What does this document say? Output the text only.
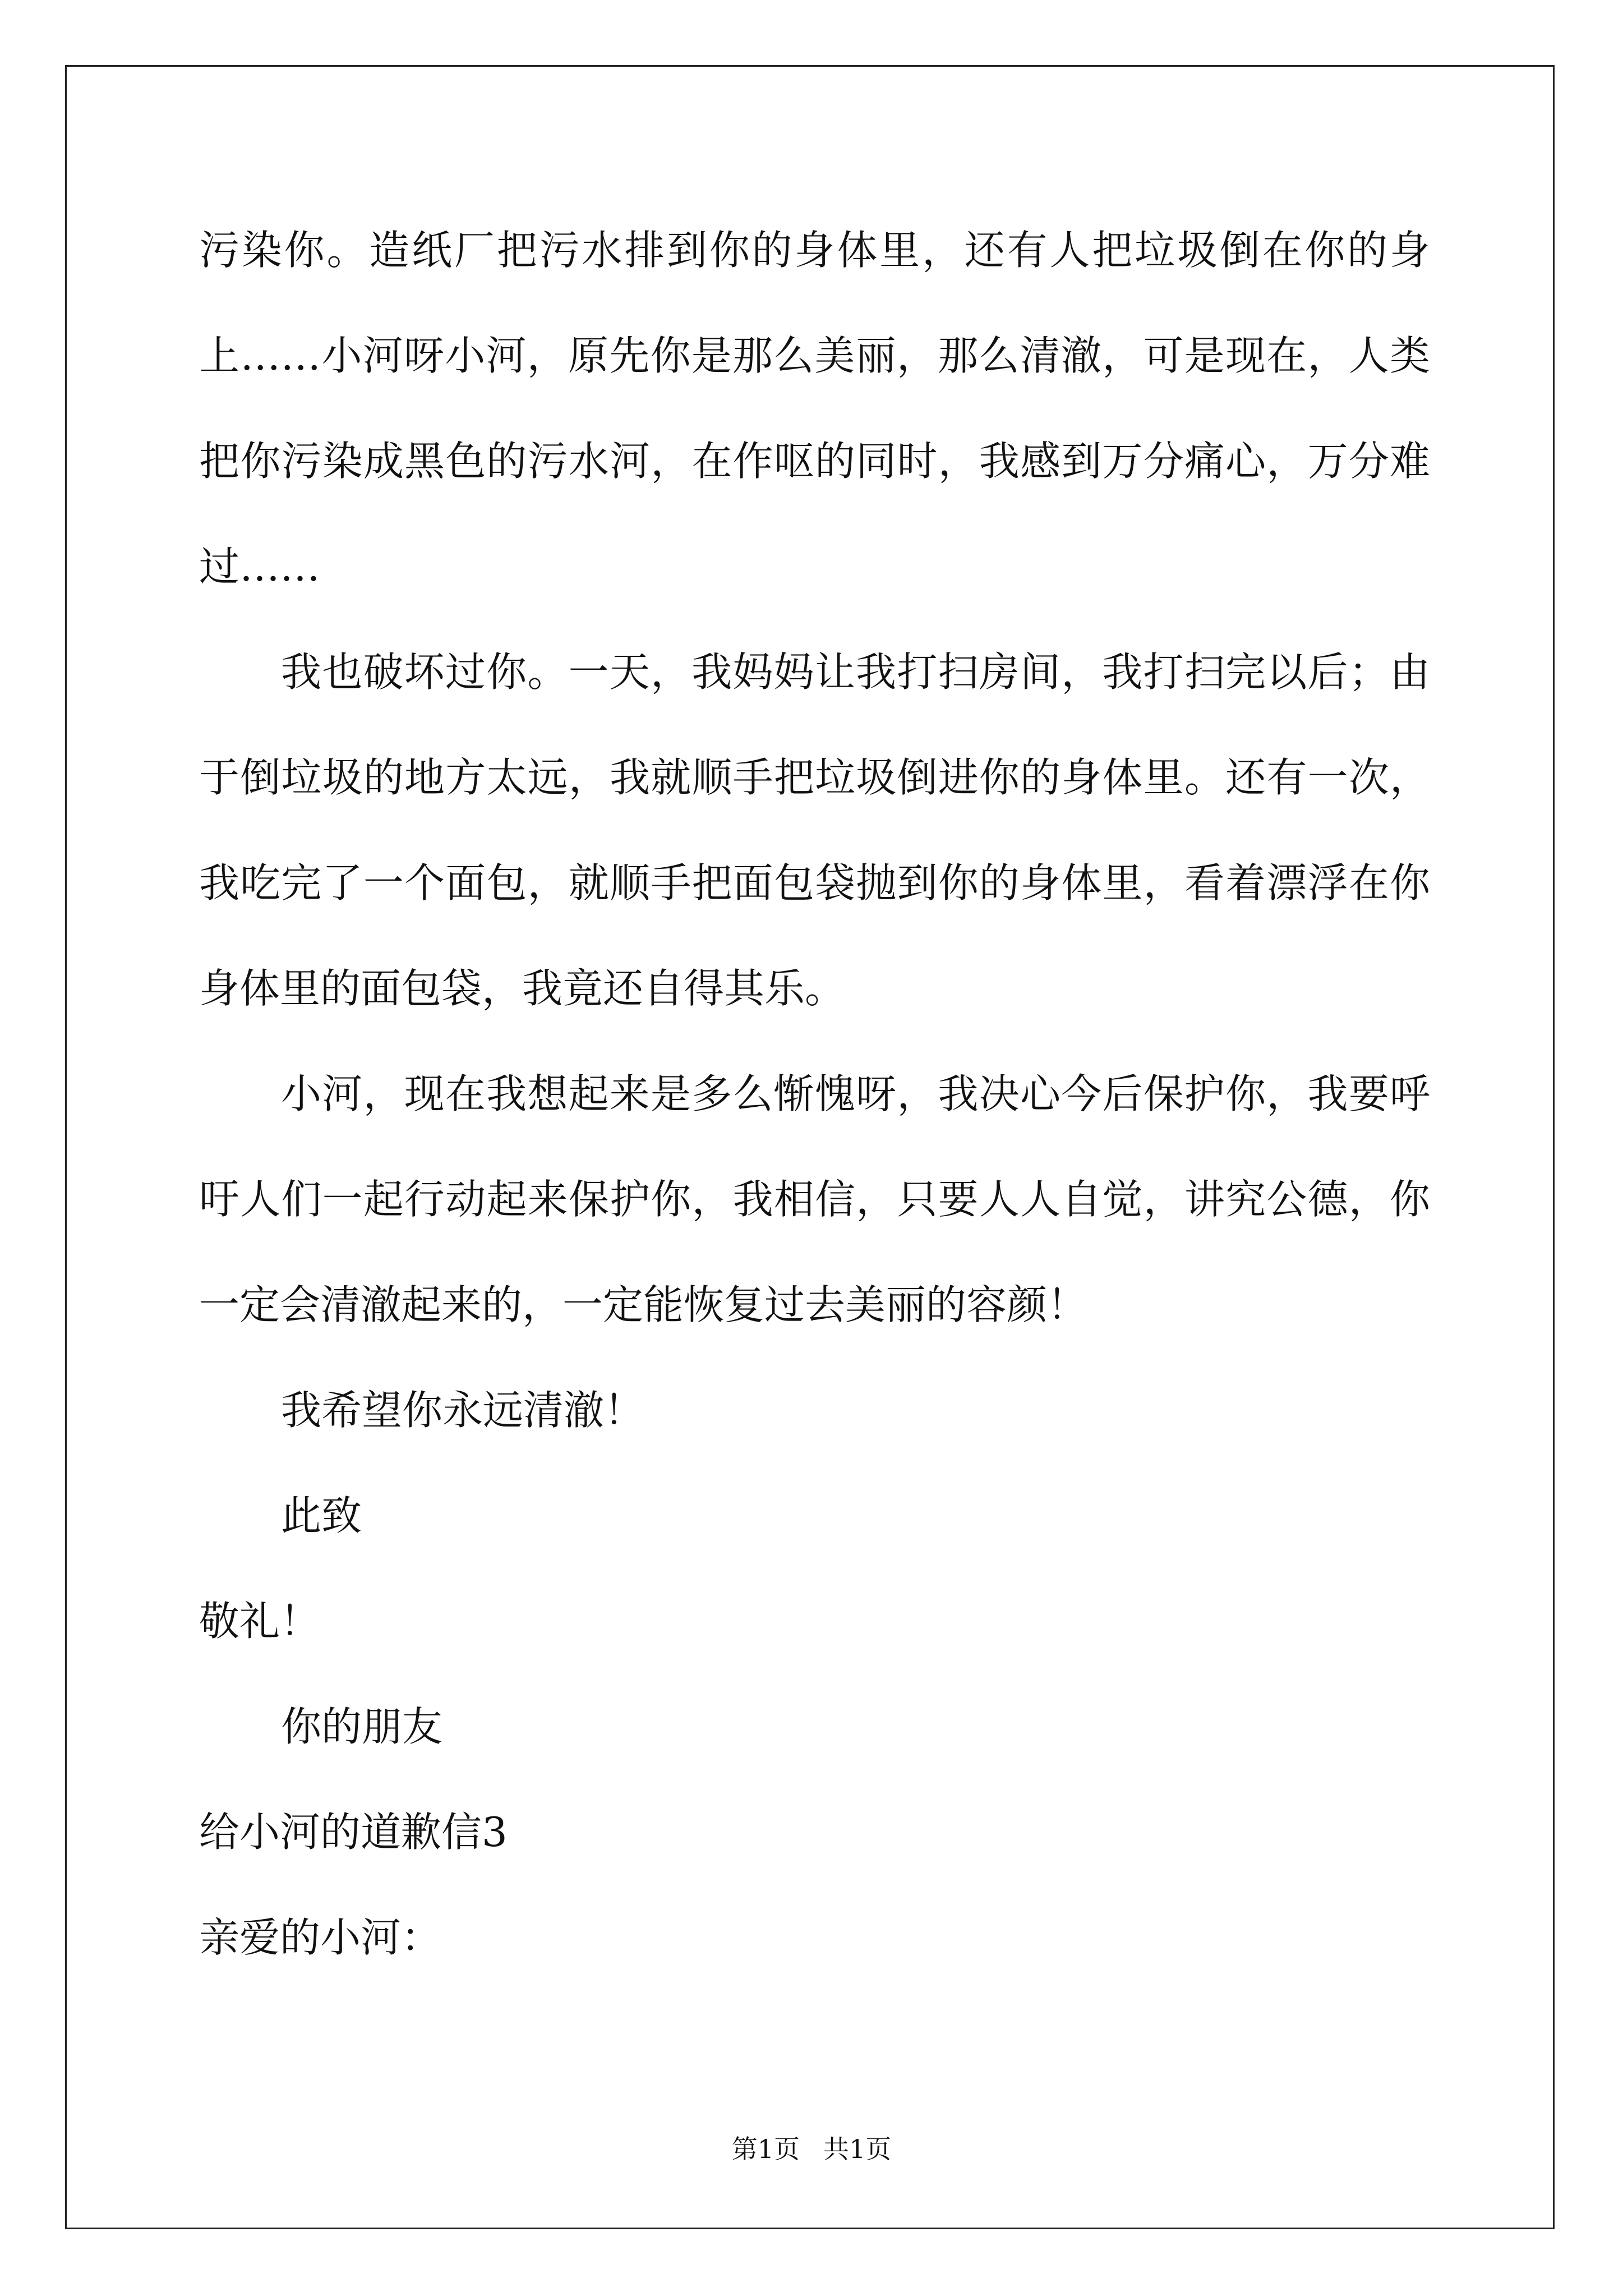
污染你。造纸厂把污水排到你的身体里，还有人把垃圾倒在你的身上……小河呀小河，原先你是那么美丽，那么清澈，可是现在，人类把你污染成黑色的污水河，在作呕的同时，我感到万分痛心，万分难过……

我也破坏过你。一天，我妈妈让我打扫房间，我打扫完以后；由于倒垃圾的地方太远，我就顺手把垃圾倒进你的身体里。还有一次，我吃完了一个面包，就顺手把面包袋抛到你的身体里，看着漂浮在你身体里的面包袋，我竟还自得其乐。

小河，现在我想起来是多么惭愧呀，我决心今后保护你，我要呼吁人们一起行动起来保护你，我相信，只要人人自觉，讲究公德，你一定会清澈起来的，一定能恢复过去美丽的容颜！

我希望你永远清澈！

此致

敬礼！

你的朋友

给小河的道歉信3

亲爱的小河：

第1页 共1页
